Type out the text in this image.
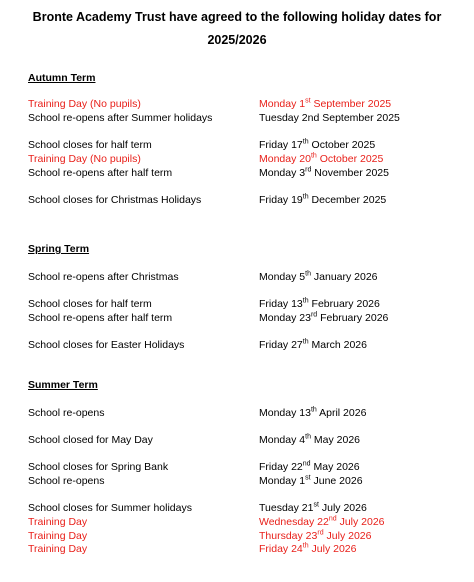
Bronte Academy Trust have agreed to the following holiday dates for
2025/2026
Autumn Term
Training Day (No pupils)	Monday 1st September 2025
School re-opens after Summer holidays	Tuesday 2nd September 2025
School closes for half term	Friday 17th October 2025
Training Day (No pupils)	Monday 20th October 2025
School re-opens after half term	Monday 3rd November 2025
School closes for Christmas Holidays	Friday 19th December 2025
Spring Term
School re-opens after Christmas	Monday 5th January 2026
School closes for half term	Friday 13th February 2026
School re-opens after half term	Monday 23rd February 2026
School closes for Easter Holidays	Friday 27th March 2026
Summer Term
School re-opens	Monday 13th April 2026
School closed for May Day	Monday 4th May 2026
School closes for Spring Bank	Friday 22nd May 2026
School re-opens	Monday 1st June 2026
School closes for Summer holidays	Tuesday 21st July 2026
Training Day	Wednesday 22nd July 2026
Training Day	Thursday 23rd July 2026
Training Day	Friday 24th July 2026
